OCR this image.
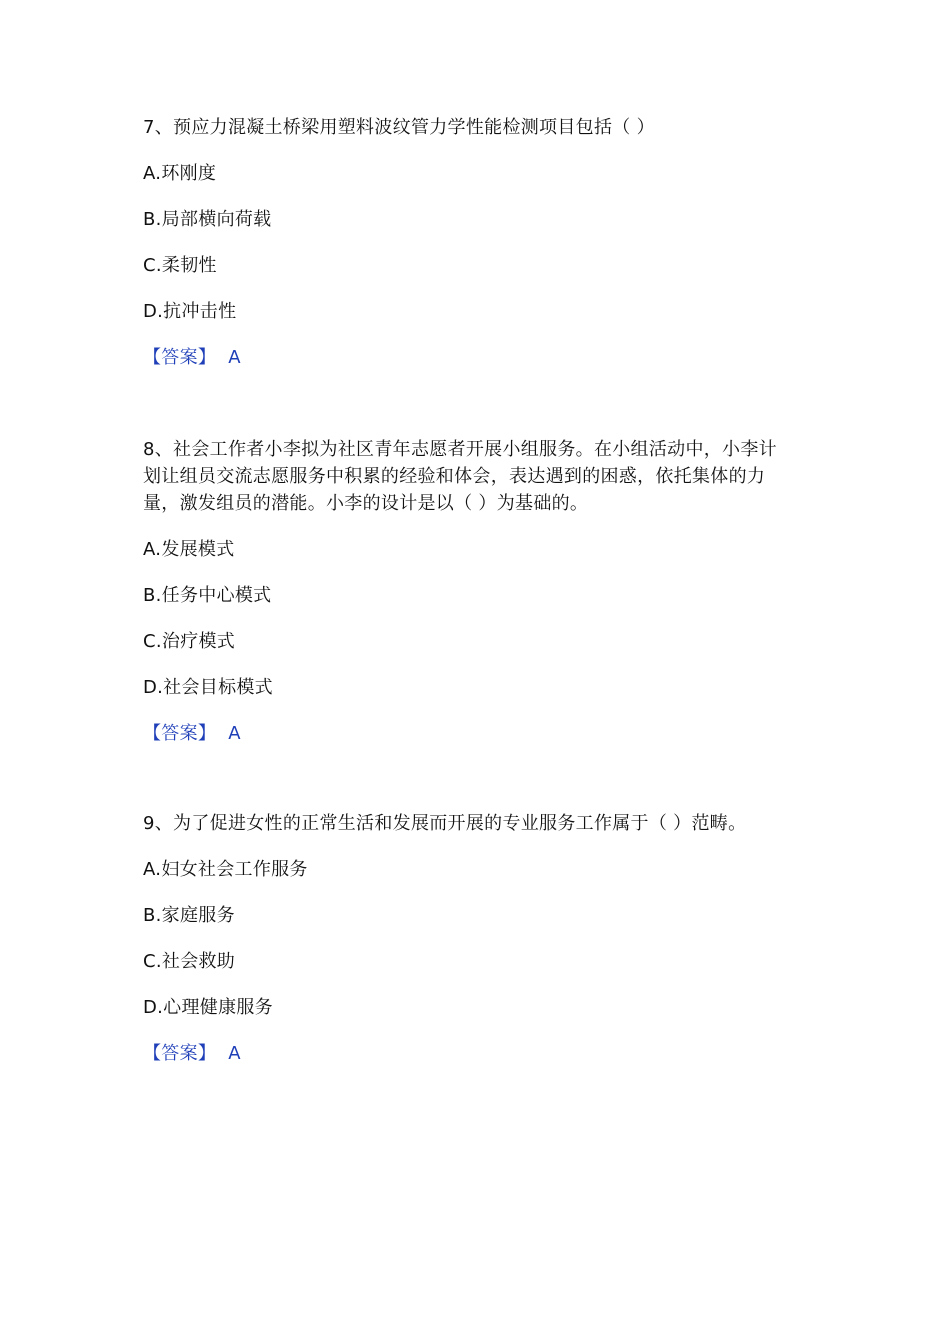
7、预应力混凝土桥梁用塑料波纹管力学性能检测项目包括（ ）

A.环刚度
B.局部横向荷载
C.柔韧性
D.抗冲击性
【答案】 A

8、社会工作者小李拟为社区青年志愿者开展小组服务。在小组活动中，小李计
划让组员交流志愿服务中积累的经验和体会，表达遇到的困惑，依托集体的力
量，激发组员的潜能。小李的设计是以（ ）为基础的。

A.发展模式
B.任务中心模式
C.治疗模式
D.社会目标模式
【答案】 A

9、为了促进女性的正常生活和发展而开展的专业服务工作属于（ ）范畴。

A.妇女社会工作服务
B.家庭服务
C.社会救助
D.心理健康服务
【答案】 A
